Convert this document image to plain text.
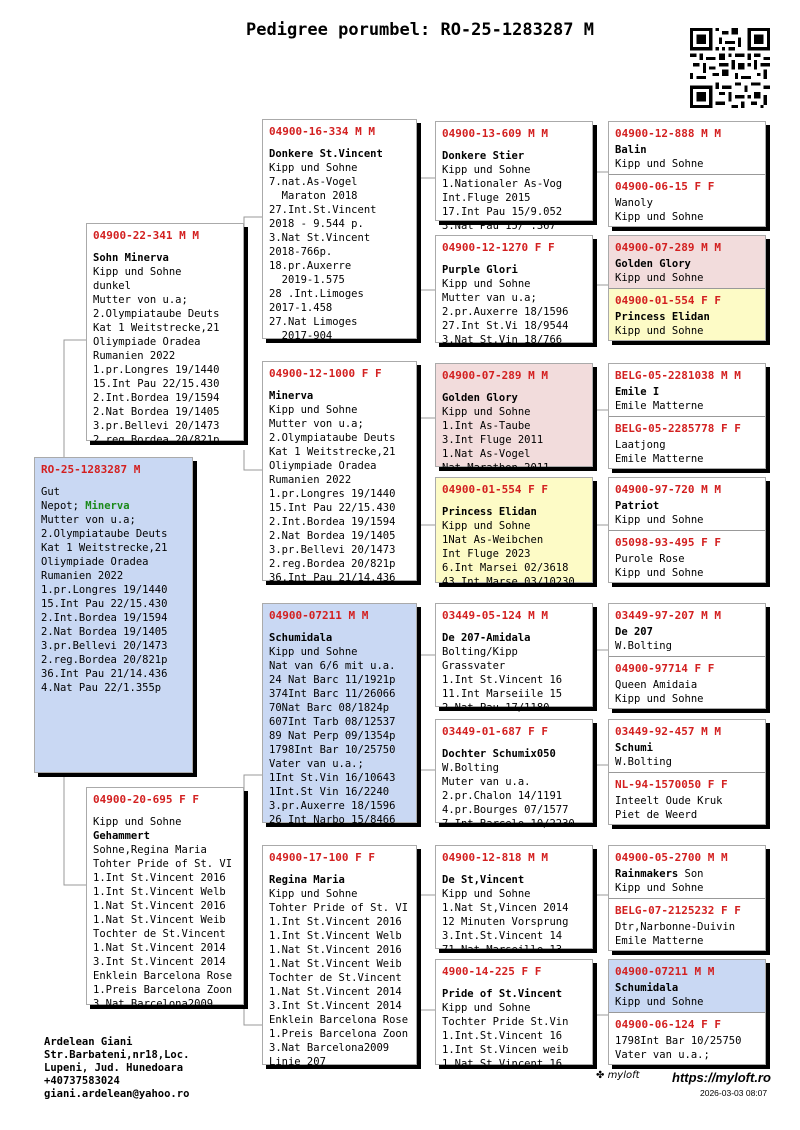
Pedigree porumbel: RO-25-1283287 M
RO-25-1283287 M
Gut
Nepot; Minerva
Mutter von u.a;
2.Olympiataube Deuts
Kat 1 Weitstrecke,21
Oliympiade Oradea
Rumanien 2022
1.pr.Longres 19/1440
15.Int Pau 22/15.430
2.Int.Bordea 19/1594
2.Nat Bordea 19/1405
3.pr.Bellevi 20/1473
2.reg.Bordea 20/821p
36.Int Pau 21/14.436
4.Nat Pau 22/1.355p
04900-22-341 M M
Sohn Minerva
Kipp und Sohne
dunkel
Mutter von u.a;
2.Olympiataube Deuts
Kat 1 Weitstrecke,21
Oliympiade Oradea
Rumanien 2022
1.pr.Longres 19/1440
15.Int Pau 22/15.430
2.Int.Bordea 19/1594
2.Nat Bordea 19/1405
3.pr.Bellevi 20/1473
2.reg.Bordea 20/821p
04900-20-695 F F
Kipp und Sohne
Gehammert
Sohne,Regina Maria
Tohter Pride of St. VI
1.Int St.Vincent 2016
1.Int St.Vincent Welb
1.Nat St.Vincent 2016
1.Nat St.Vincent Weib
Tochter de St.Vincent
1.Nat St.Vincent 2014
3.Int St.Vincent 2014
Enklein Barcelona Rose
1.Preis Barcelona Zoon
3.Nat Barcelona2009
04900-16-334 M M
Donkere St.Vincent
Kipp und Sohne
7.nat.As-Vogel
Maraton 2018
27.Int.St.Vincent
2018 - 9.544 p.
3.Nat St.Vincent
2018-766p.
18.pr.Auxerre
2019-1.575
28 .Int.Limoges
2017-1.458
27.Nat Limoges
2017-904
04900-12-1000 F F
Minerva
Kipp und Sohne
Mutter von u.a;
2.Olympiataube Deuts
Kat 1 Weitstrecke,21
Oliympiade Oradea
Rumanien 2022
1.pr.Longres 19/1440
15.Int Pau 22/15.430
2.Int.Bordea 19/1594
2.Nat Bordea 19/1405
3.pr.Bellevi 20/1473
2.reg.Bordea 20/821p
36.Int Pau 21/14.436
04900-07211 M M
Schumidala
Kipp und Sohne
Nat van 6/6 mit u.a.
24 Nat Barc 11/1921p
374Int Barc 11/26066
70Nat Barc 08/1824p
607Int Tarb 08/12537
89 Nat Perp 09/1354p
1798Int Bar 10/25750
Vater van u.a.;
1Int St.Vin 16/10643
1Int.St Vin 16/2240
3.pr.Auxerre 18/1596
26 Int Narbo 15/8466
04900-17-100 F F
Regina Maria
Kipp und Sohne
Tohter Pride of St. VI
1.Int St.Vincent 2016
1.Int St.Vincent Welb
1.Nat St.Vincent 2016
1.Nat St.Vincent Weib
Tochter de St.Vincent
1.Nat St.Vincent 2014
3.Int St.Vincent 2014
Enklein Barcelona Rose
1.Preis Barcelona Zoon
3.Nat Barcelona2009
Linie 207
04900-13-609 M M
Donkere Stier
Kipp und Sohne
1.Nationaler As-Vog
Int.Fluge 2015
17.Int Pau 15/9.052
3.Nat Pau 15/ .367
04900-12-1270 F F
Purple Glori
Kipp und Sohne
Mutter van u.a;
2.pr.Auxerre 18/1596
27.Int St.Vi 18/9544
3.Nat St.Vin 18/766
04900-07-289 M M
Golden Glory
Kipp und Sohne
1.Int As-Taube
3.Int Fluge 2011
1.Nat As-Vogel
Nat Marathon 2011
04900-01-554 F F
Princess Elidan
Kipp und Sohne
1Nat As-Weibchen
Int Fluge 2023
6.Int Marsei 02/3618
43 Int Marse 03/10230
03449-05-124 M M
De 207-Amidala
Bolting/Kipp
Grassvater
1.Int St.Vincent 16
11.Int Marseiile 15
2.Nat Pau 17/1180
03449-01-687 F F
Dochter Schumix050
W.Bolting
Muter van u.a.
2.pr.Chalon 14/1191
4.pr.Bourges 07/1577
7.Int.Barcelo 10/2230
04900-12-818 M M
De St,Vincent
Kipp und Sohne
1.Nat St,Vincen 2014
12 Minuten Vorsprung
3.Int.St.Vincent 14
71.Nat Marseille 13
4900-14-225 F F
Pride of St.Vincent
Kipp und Sohne
Tochter Pride St.Vin
1.Int.St.Vincent 16
1.Int St.Vincen weib
1.Nat St.Vincent 16
04900-12-888 M M
Balin
Kipp und Sohne
04900-06-15 F F
Wanoly
Kipp und Sohne
04900-07-289 M M
Golden Glory
Kipp und Sohne
04900-01-554 F F
Princess Elidan
Kipp und Sohne
BELG-05-2281038 M M
Emile I
Emile Matterne
BELG-05-2285778 F F
Laatjong
Emile Matterne
04900-97-720 M M
Patriot
Kipp und Sohne
05098-93-495 F F
Purole Rose
Kipp und Sohne
03449-97-207 M M
De 207
W.Bolting
04900-97714 F F
Queen Amidaia
Kipp und Sohne
03449-92-457 M M
Schumi
W.Bolting
NL-94-1570050 F F
Inteelt Oude Kruk
Piet de Weerd
04900-05-2700 M M
Rainmakers Son
Kipp und Sohne
BELG-07-2125232 F F
Dtr,Narbonne-Duivin
Emile Matterne
04900-07211 M M
Schumidala
Kipp und Sohne
04900-06-124 F F
1798Int Bar 10/25750
Vater van u.a.;
Ardelean Giani
Str.Barbateni,nr18,Loc.
Lupeni, Jud. Hunedoara
+40737583024
giani.ardelean@yahoo.ro
✤ myloft https://myloft.ro
2026-03-03 08:07
